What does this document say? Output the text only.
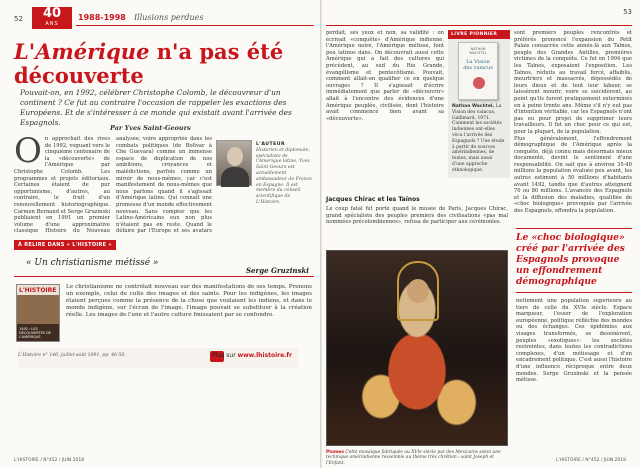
52	40
ANS
1988-1998 Illusions perdues
53
L'Amérique n'a pas été découverte

Pouvait-on, en 1992, célébrer Christophe Colomb, le découvreur d'un continent ? Ce fut au contraire l'occasion de rappeler les exactions des Européens. Et de s'intéresser à ce monde qui existait avant l'arrivée des Espagnols.

Par Yves Saint-Geours

O n approchait des rives de 1992, voguant vers le cinquième centenaire de la «découverte» de l'Amérique par Christophe Colomb. Les programmes et projets éditoriaux. Certaines étaient de pur opportunisme, d'autres, au contraire, le fruit d'un renouvellement historiographique. Carmen Bernand et Serge Gruzinski publiaient en 1991 un premier volume d'une approximative classique Histoire du Nouveau
analysée, voire appropriée dans les combats politiques (de Bolivar à Che Guevara) comme un immense espace de duplication de nos ambitions, croyances et malédictions, parfois comme un miroir de nous-mêmes, car c'est manifestement de nous-mêmes que nous parlons quand il s'agissait d'Amérique latine. Qui connaît une promesse d'un monde effectivement nouveau. Sans compter que les Latino-Américains eux non plus n'étaient pas en reste. Quand le défaire par l'Europe et ses avatars
L'AUTEUR
Historien et diplomate, spécialiste de l'Amérique latine, Yves Saint-Geours est actuellement ambassadeur de France en Espagne. Il est membre du conseil scientifique de L'Histoire.
À RELIRE DANS « L'HISTOIRE »

« Un christianisme métissé »

Serge Gruzinski

L'HISTOIRE
1492 : LES DÉCOUVERTES DE L'AMÉRIQUE
Le christianisme ne contrôlait nouveau sur des manifestations de ses temps. Prenons un exemple, celui de culte des images et des saints. Pour les indigènes, les images étaient perçues comme la présence de la chose que voulaient les indiens, et dans le monde indigène, sur l'écran de l'image, l'image pouvait se substituer à la création réelle. Les images de l'une et l'autre culture finissaient par se confondre.
L'Histoire n° 146, juillet-août 1991, pp. 46-50.	Plus sur www.lhistoire.fr
L'HISTOIRE / N°452 / JUIN 2018
perdait, ses yeux et non, sa validité : on écrivait «conquête» d'Amérique indienne, l'Amérique noire, l'Amérique métisse, font peu latinos dans. On découvrait aussi cette Amérique qui a fait des cultures qui précèdent, au sud du Rio Grande, évangélisme et pentecôtisme. Pouvait, comment allait-on qualifier ce en quelque ouvrages ? Il s'agissait d'écrire immédiatement que parler de «découvrir» allait à l'encontre des évidences d'une Amérique peuplée, civilisée, dont l'histoire avait commencé bien avant sa «découverte».

Jacques Chirac et les Taïnos

Le coup fatal fut porté quand le musée de Paris, Jacques Chirac, grand spécialiste des peuples premiers des civilisations «pas mal nommées précolombiennes», refusa de participer aux cérémonies.
LIVRE PIONNIER
NATHAN WACHTEL
La Vision des vaincus
Nathan Wachtel, La Vision des vaincus, Gallimard, 1971. Comment les sociétés indiennes ont-elles vécu l'arrivée des Espagnols ? Une étude à partir de sources amérindiennes, de textes, mais aussi d'une approche ethnologique.
sont premiers peuples rencontrés et préférés prononcé l'expansion du Petit Palais consacrée cette année-là aux Taïnos, peuple des Grandes Antilles, premières victimes de la conquête. Ce fut en 1994 que les Taïnos, exposaient l'exposition. Les Taïnos, réduits au travail forcé, affaiblis, meurtriers et massacrés, dépossédés de leurs dieux et de tout leur labeur, se laissèrent mourir, voire se suicidèrent, au point qu'ils furent pratiquement exterminés en à peine trente ans. Même s'il n'y eut pas d'intention véritable, car les Espagnols n'ont pas eu pour projet de supprimer leurs travailleurs. Il fut un choc pour ce qui est, pour la plupart, de la population.
Plus généralement, l'effondrement démographique de l'Amérique après la conquête, déjà connu mais désormais mieux documenté, devint le sentiment d'une responsabilité. On sait que à environ 35-40 millions la population évaluée peu avant, les autres estiment à 50 millions d'habitants avant 1492, tandis que d'autres atteignent 70 ou 80 millions. L'avancée des Espagnols et la diffusion des maladies, qualifiée de «choc biologique» provoquée par l'arrivée des Espagnols, effondra la population.

Le «choc biologique» créé par l'arrivée des Espagnols provoque un effondrement démographique

nettement une population supérieure au tiers de celle du XVIe siècle. Espace marqueur, l'essor de l'exploration européenne, politique réfléchie des mondes ou des échanges. Ces épidémies aux visages transformés, se dessinèrent, peuples «exotiques»: les sociétés restreintes, dans toutes les contradictions complexes, d'un métissage et d'un encadrement politique. C'est aussi l'histoire d'une influence réciproque entre deux mondes. Serge Gruzinski et la pensée métisse.

Plumes Cette mosaïque fabriquée au XVIe siècle par des Mexicains selon une technique amérindienne ressemble au thème très chrétien : saint Joseph et l'Enfant.

L'HISTOIRE / N°452 / JUIN 2018
